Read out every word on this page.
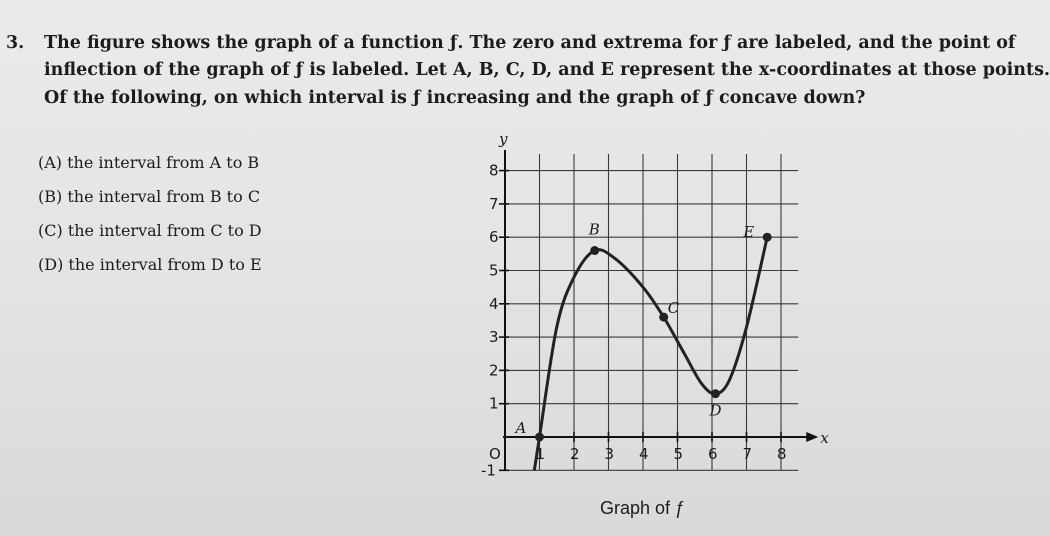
3. The figure shows the graph of a function ƒ. The zero and extrema for ƒ are labeled, and the point of
inflection of the graph of ƒ is labeled. Let A, B, C, D, and E represent the x-coordinates at those points.
Of the following, on which interval is ƒ increasing and the graph of ƒ concave down?
(A) the interval from A to B
(B) the interval from B to C
(C) the interval from C to D
(D) the interval from D to E
1 2 3 4 5 6 7 8
-1
1
2
3
4
5
6
7
8
O
x
y
A
B
C
D
E
Graph of ƒ
